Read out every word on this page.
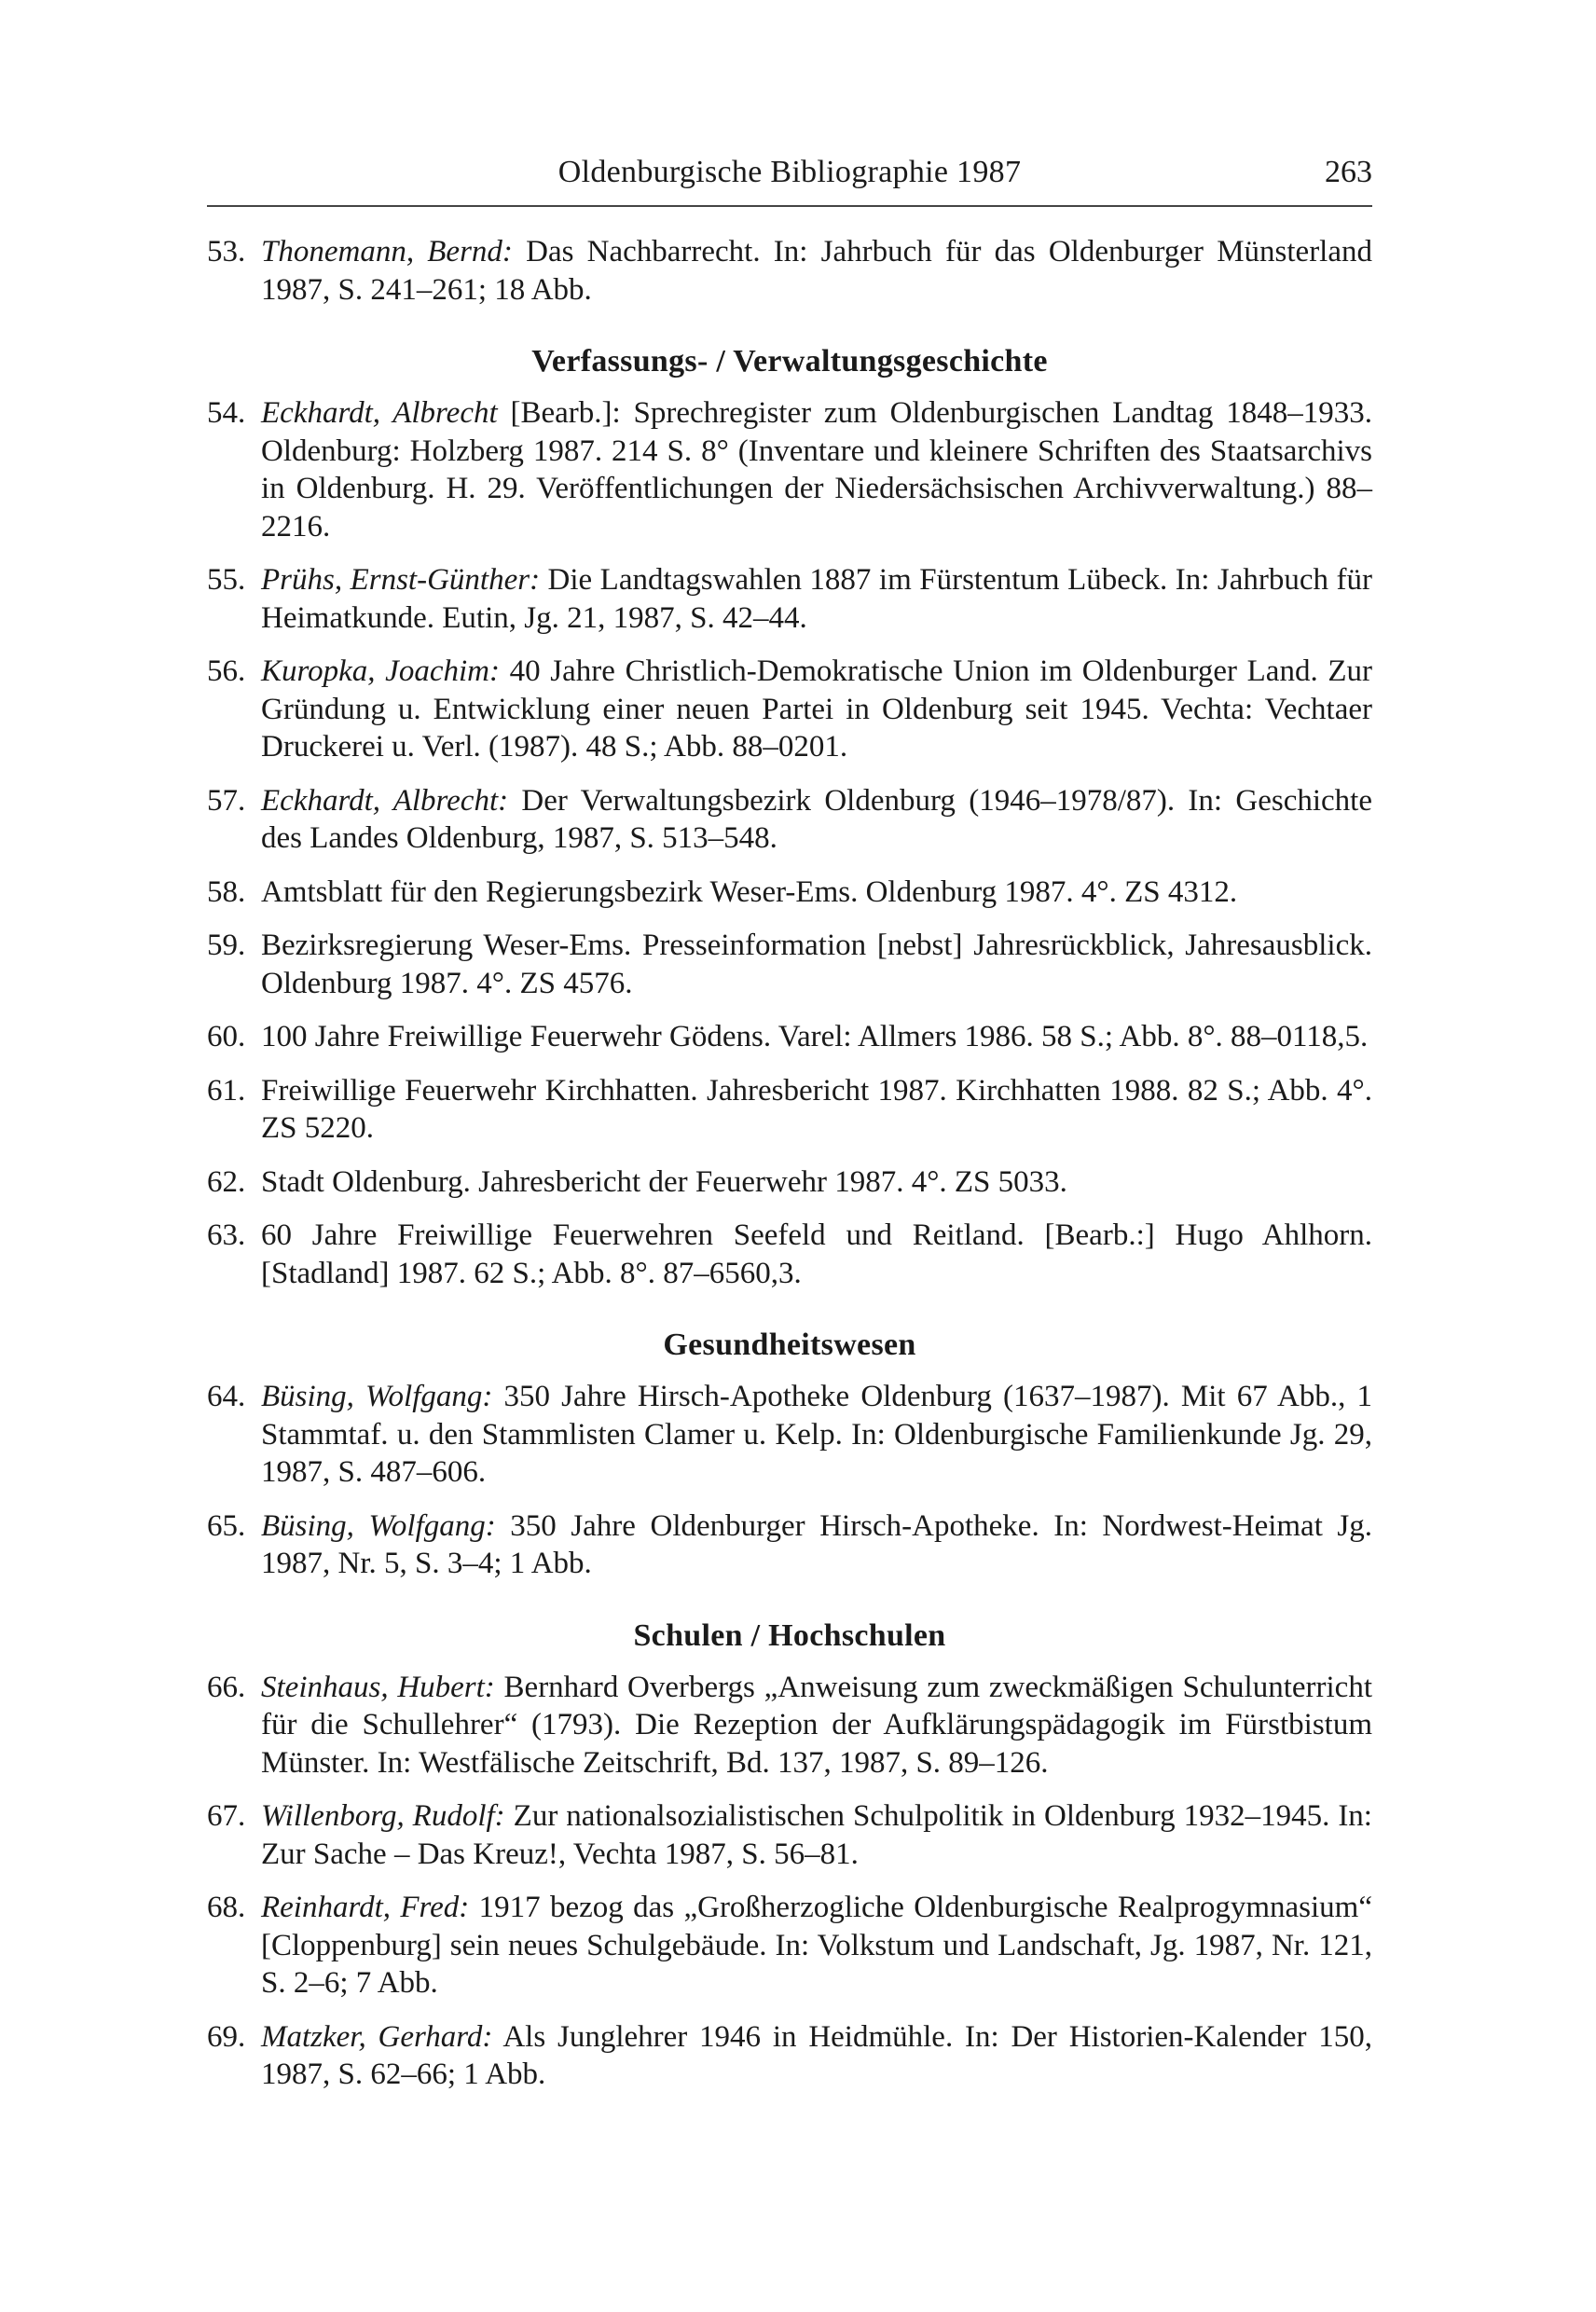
Oldenburgische Bibliographie 1987	263
53. Thonemann, Bernd: Das Nachbarrecht. In: Jahrbuch für das Oldenburger Münsterland 1987, S. 241–261; 18 Abb.
Verfassungs- / Verwaltungsgeschichte
54. Eckhardt, Albrecht [Bearb.]: Sprechregister zum Oldenburgischen Landtag 1848–1933. Oldenburg: Holzberg 1987. 214 S. 8° (Inventare und kleinere Schriften des Staatsarchivs in Oldenburg. H. 29. Veröffentlichungen der Niedersächsischen Archivverwaltung.) 88–2216.
55. Prühs, Ernst-Günther: Die Landtagswahlen 1887 im Fürstentum Lübeck. In: Jahrbuch für Heimatkunde. Eutin, Jg. 21, 1987, S. 42–44.
56. Kuropka, Joachim: 40 Jahre Christlich-Demokratische Union im Oldenburger Land. Zur Gründung u. Entwicklung einer neuen Partei in Oldenburg seit 1945. Vechta: Vechtaer Druckerei u. Verl. (1987). 48 S.; Abb. 88–0201.
57. Eckhardt, Albrecht: Der Verwaltungsbezirk Oldenburg (1946–1978/87). In: Geschichte des Landes Oldenburg, 1987, S. 513–548.
58. Amtsblatt für den Regierungsbezirk Weser-Ems. Oldenburg 1987. 4°. ZS 4312.
59. Bezirksregierung Weser-Ems. Presseinformation [nebst] Jahresrückblick, Jahresausblick. Oldenburg 1987. 4°. ZS 4576.
60. 100 Jahre Freiwillige Feuerwehr Gödens. Varel: Allmers 1986. 58 S.; Abb. 8°. 88–0118,5.
61. Freiwillige Feuerwehr Kirchhatten. Jahresbericht 1987. Kirchhatten 1988. 82 S.; Abb. 4°. ZS 5220.
62. Stadt Oldenburg. Jahresbericht der Feuerwehr 1987. 4°. ZS 5033.
63. 60 Jahre Freiwillige Feuerwehren Seefeld und Reitland. [Bearb.:] Hugo Ahlhorn. [Stadland] 1987. 62 S.; Abb. 8°. 87–6560,3.
Gesundheitswesen
64. Büsing, Wolfgang: 350 Jahre Hirsch-Apotheke Oldenburg (1637–1987). Mit 67 Abb., 1 Stammtaf. u. den Stammlisten Clamer u. Kelp. In: Oldenburgische Familienkunde Jg. 29, 1987, S. 487–606.
65. Büsing, Wolfgang: 350 Jahre Oldenburger Hirsch-Apotheke. In: Nordwest-Heimat Jg. 1987, Nr. 5, S. 3–4; 1 Abb.
Schulen / Hochschulen
66. Steinhaus, Hubert: Bernhard Overbergs „Anweisung zum zweckmäßigen Schulunterricht für die Schullehrer“ (1793). Die Rezeption der Aufklärungspädagogik im Fürstbistum Münster. In: Westfälische Zeitschrift, Bd. 137, 1987, S. 89–126.
67. Willenborg, Rudolf: Zur nationalsozialistischen Schulpolitik in Oldenburg 1932–1945. In: Zur Sache – Das Kreuz!, Vechta 1987, S. 56–81.
68. Reinhardt, Fred: 1917 bezog das „Großherzogliche Oldenburgische Realprogymnasium“ [Cloppenburg] sein neues Schulgebäude. In: Volkstum und Landschaft, Jg. 1987, Nr. 121, S. 2–6; 7 Abb.
69. Matzker, Gerhard: Als Junglehrer 1946 in Heidmühle. In: Der Historien-Kalender 150, 1987, S. 62–66; 1 Abb.
